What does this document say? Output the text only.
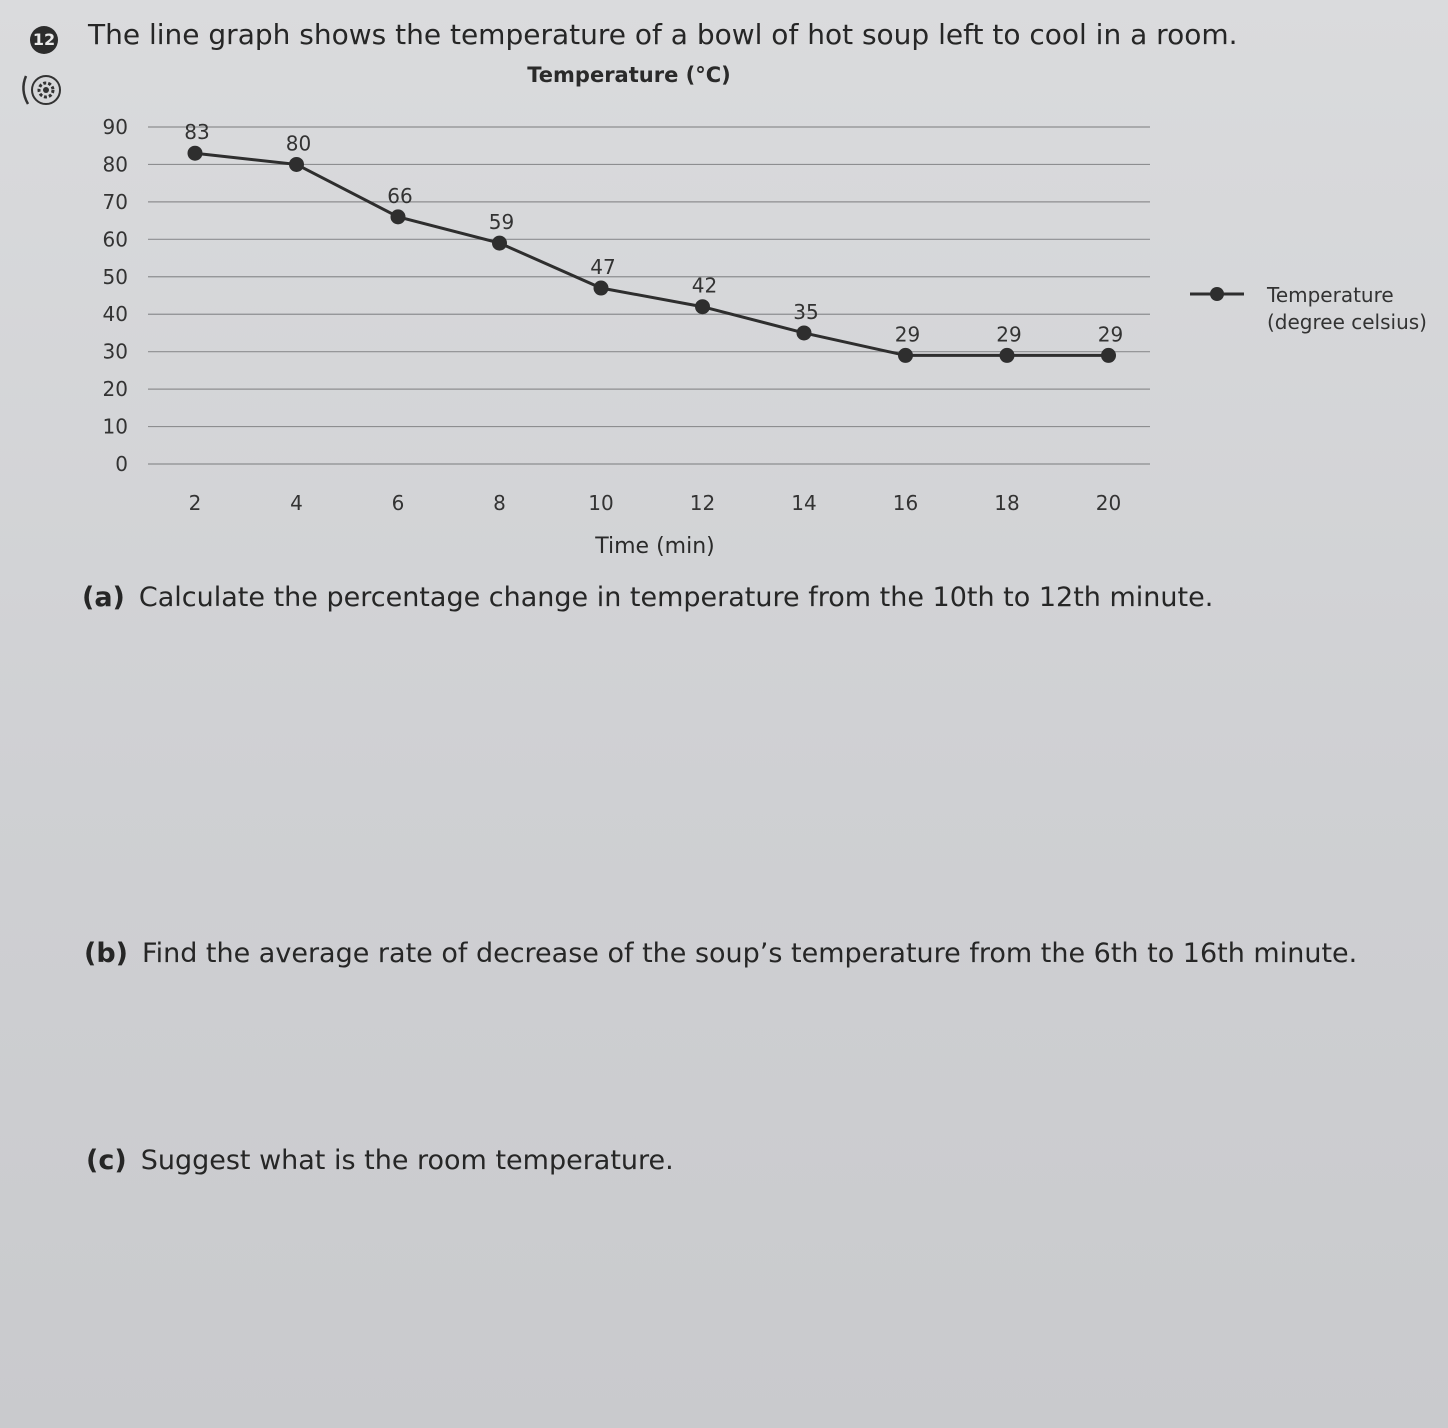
12 The line graph shows the temperature of a bowl of hot soup left to cool in a room.
Temperature (°C)
0
10
20
30
40
50
60
70
80
90
2	4	6	8	10	12	14	16	18	20
Time (min)
83	80
66
59
47
42
35
29	29	29
Temperature
(degree celsius)
(a) Calculate the percentage change in temperature from the 10th to 12th minute.
(b) Find the average rate of decrease of the soup’s temperature from the 6th to 16th minute.
(c) Suggest what is the room temperature.
